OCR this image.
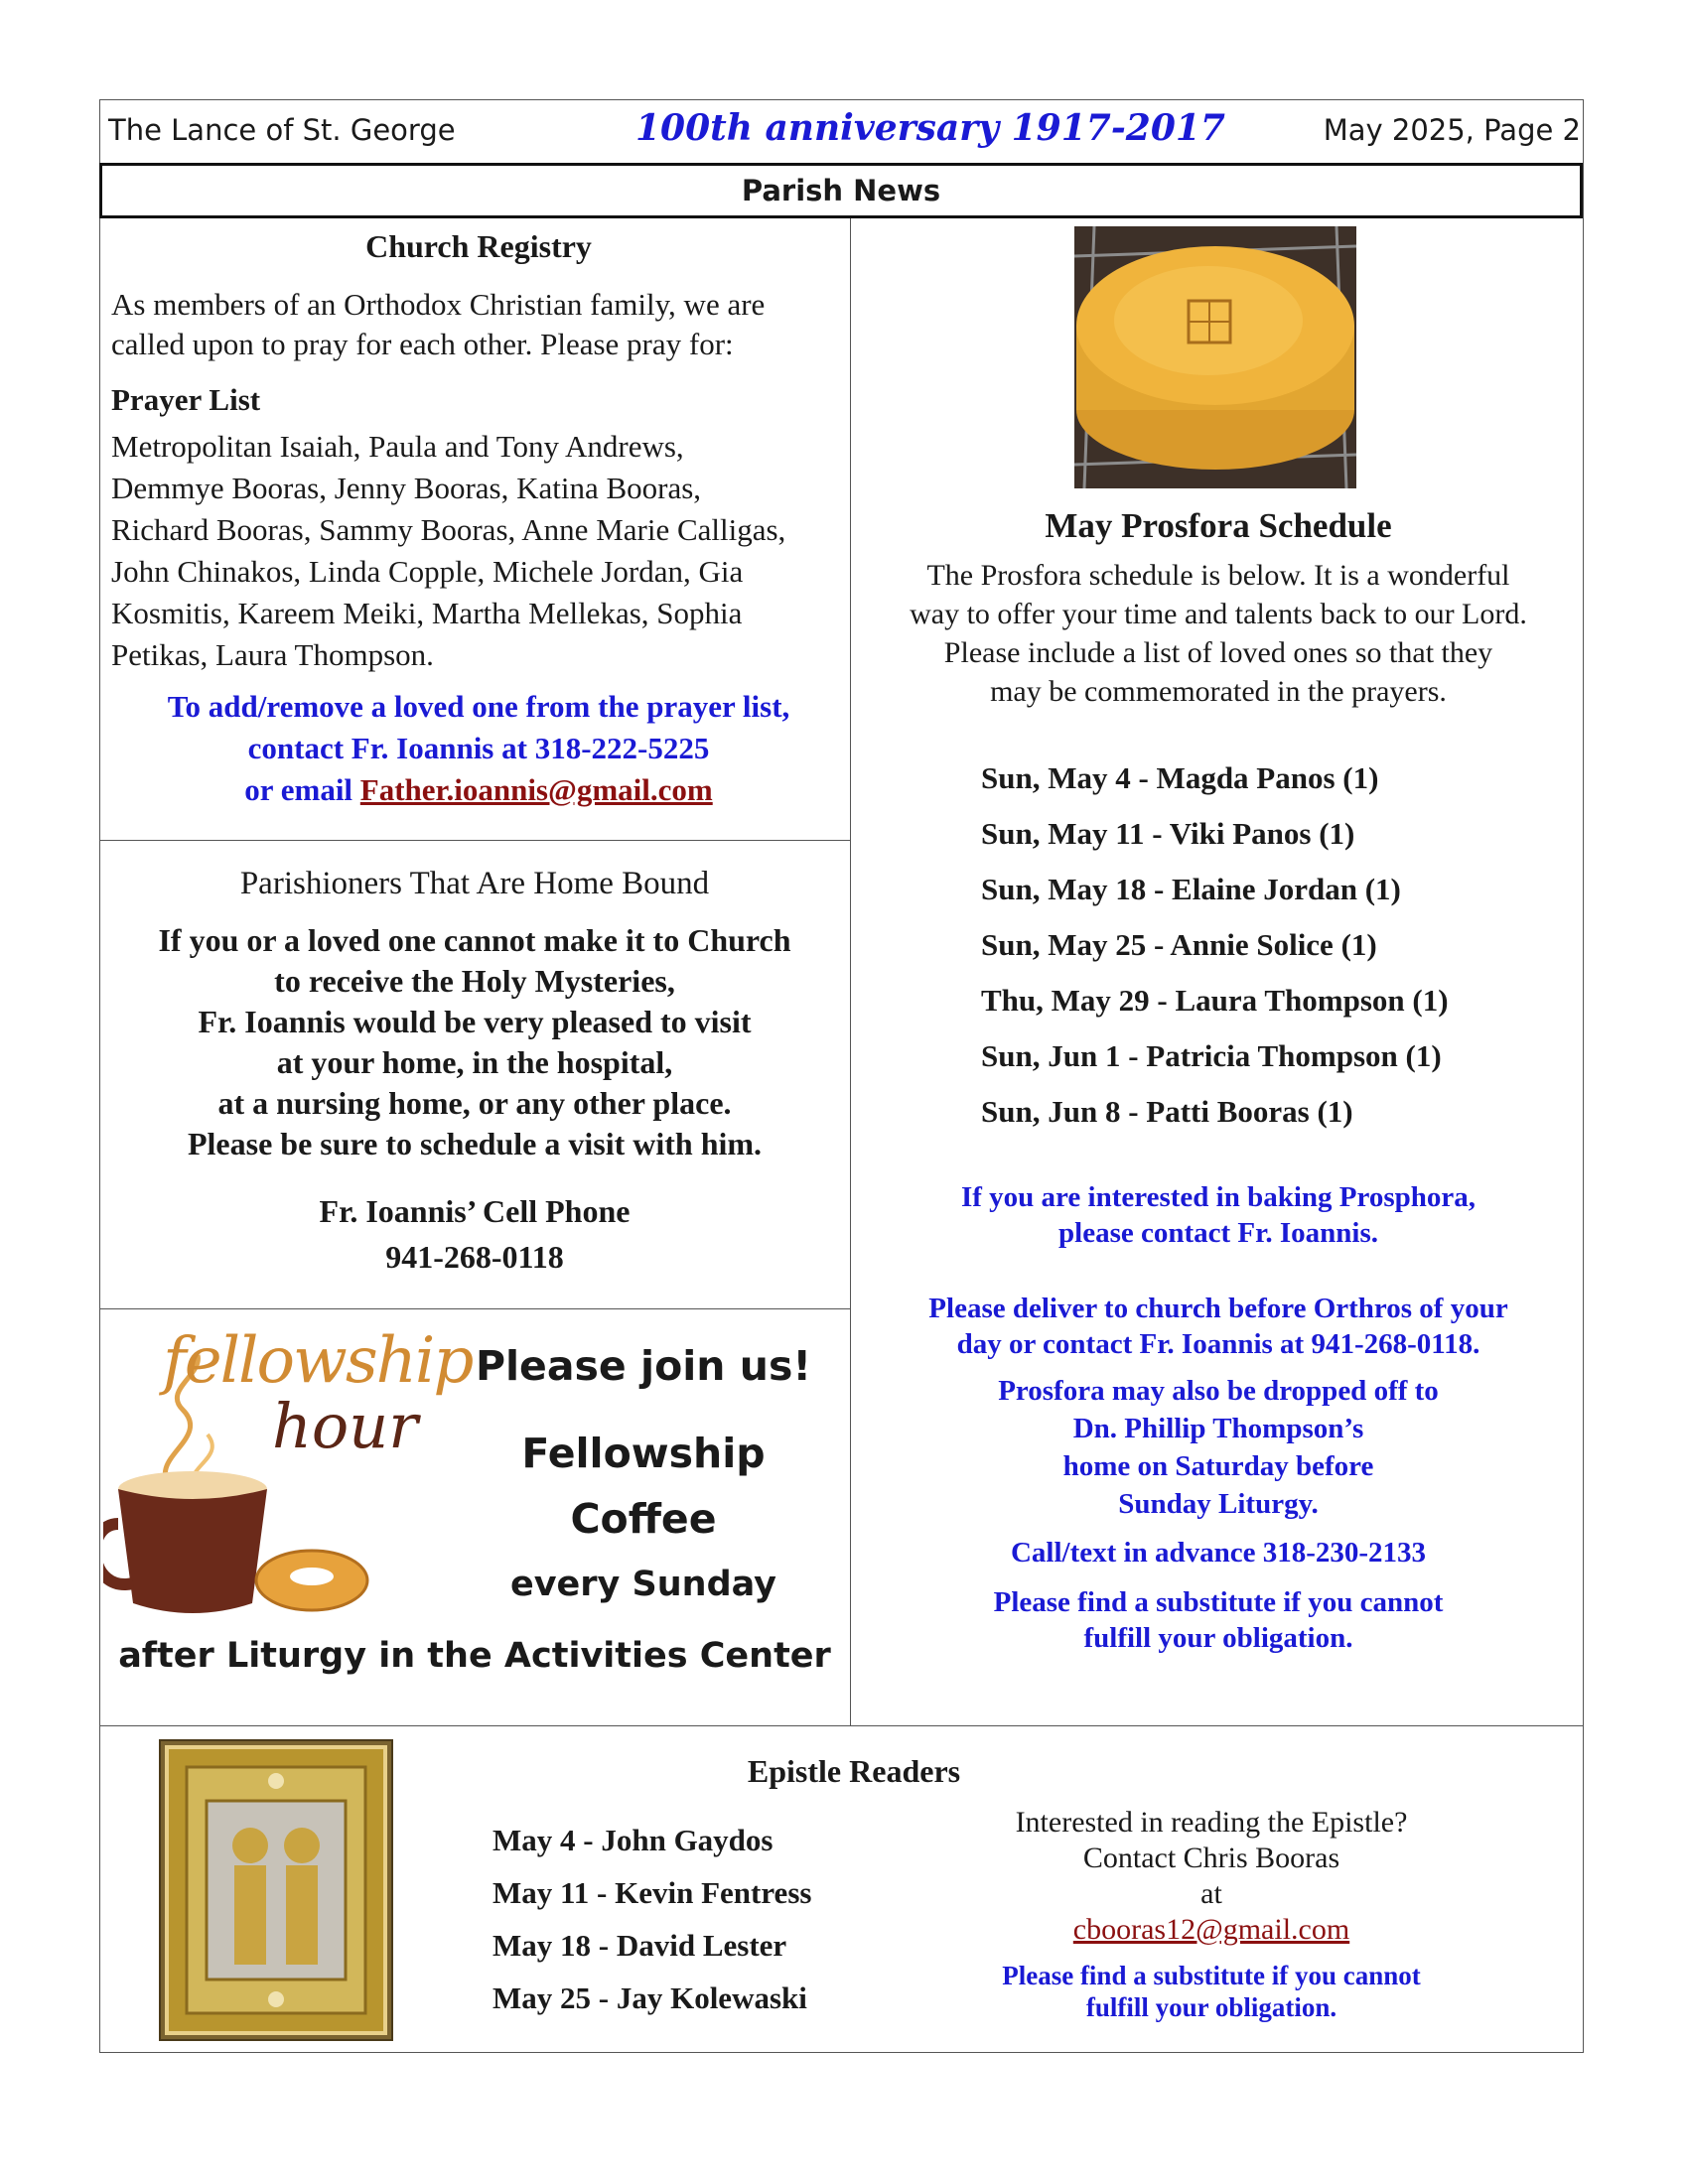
The Lance of St. George	100th anniversary 1917-2017	May 2025, Page 2
Parish News

Church Registry

As members of an Orthodox Christian family, we are

called upon to pray for each other. Please pray for:

Prayer List

Metropolitan Isaiah, Paula and Tony Andrews,

Demmye Booras, Jenny Booras, Katina Booras,

Richard Booras, Sammy Booras, Anne Marie Calligas,

John Chinakos, Linda Copple, Michele Jordan, Gia

Kosmitis, Kareem Meiki, Martha Mellekas, Sophia

Petikas, Laura Thompson.

To add/remove a loved one from the prayer list,

contact Fr. Ioannis at 318-222-5225

or email Father.ioannis@gmail.com

Parishioners That Are Home Bound

If you or a loved one cannot make it to Church

to receive the Holy Mysteries,

Fr. Ioannis would be very pleased to visit

at your home, in the hospital,

at a nursing home, or any other place.

Please be sure to schedule a visit with him.

Fr. Ioannis’ Cell Phone

941-268-0118

fellowship
hour
Please join us!
Fellowship
Coffee
every Sunday
after Liturgy in the Activities Center

May Prosfora Schedule

The Prosfora schedule is below. It is a wonderful

way to offer your time and talents back to our Lord.

Please include a list of loved ones so that they

may be commemorated in the prayers.

Sun, May 4 - Magda Panos (1)

Sun, May 11 - Viki Panos (1)

Sun, May 18 - Elaine Jordan (1)

Sun, May 25 - Annie Solice (1)

Thu, May 29 - Laura Thompson (1)

Sun, Jun 1 - Patricia Thompson (1)

Sun, Jun 8 - Patti Booras (1)

If you are interested in baking Prosphora,

please contact Fr. Ioannis.

Please deliver to church before Orthros of your

day or contact Fr. Ioannis at 941-268-0118.

Prosfora may also be dropped off to

Dn. Phillip Thompson’s

home on Saturday before

Sunday Liturgy.

Call/text in advance 318-230-2133

Please find a substitute if you cannot

fulfill your obligation.

Epistle Readers

May 4 - John Gaydos

May 11 - Kevin Fentress

May 18 - David Lester

May 25 - Jay Kolewaski

Interested in reading the Epistle?

Contact Chris Booras

at

cbooras12@gmail.com

Please find a substitute if you cannot

fulfill your obligation.
